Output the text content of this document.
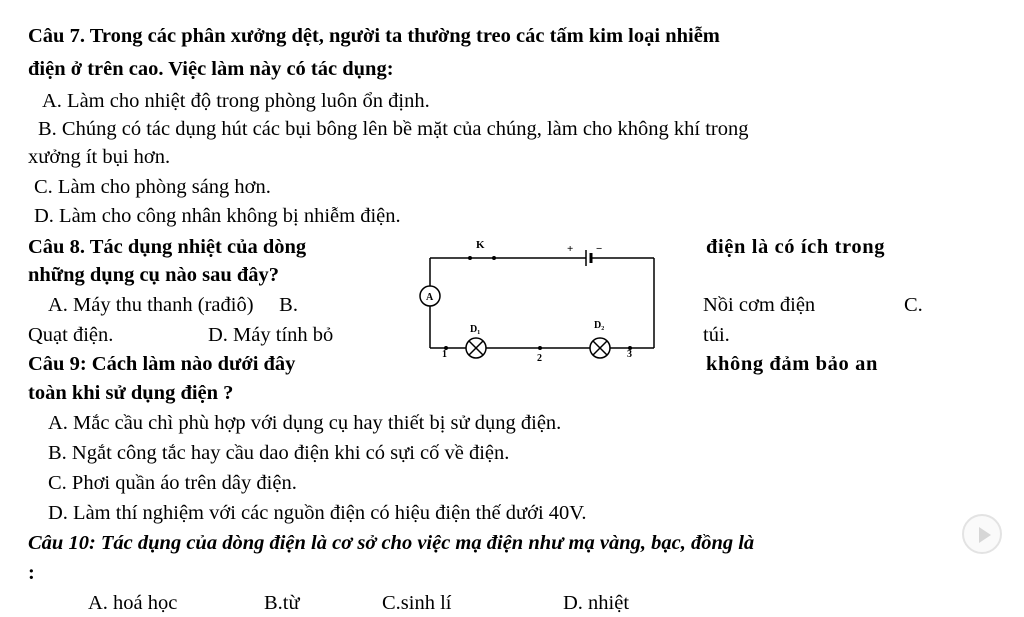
Câu 7. Trong các phân xưởng dệt, người ta thường treo các tấm kim loại nhiễm
điện ở trên cao. Việc làm này có tác dụng:
A. Làm cho nhiệt độ trong phòng luôn ổn định.
B. Chúng có tác dụng hút các bụi bông lên bề mặt của chúng, làm cho không khí trong
xưởng ít bụi hơn.
C. Làm cho phòng sáng hơn.
D. Làm cho công nhân không bị nhiễm điện.
Câu 8. Tác dụng nhiệt của dòng	điện là có ích trong
những dụng cụ nào sau đây?
A. Máy thu thanh (rađiô)     B.	Nồi cơm điện	C.
Quạt điện.	D. Máy tính bỏ	túi.
Câu 9: Cách làm nào dưới đây	không đảm bảo an
toàn khi sử dụng điện ?
A. Mắc cầu chì phù hợp với dụng cụ hay thiết bị sử dụng điện.
B. Ngắt công tắc hay cầu dao điện khi có sựi cố về điện.
C. Phơi quần áo trên dây điện.
D. Làm thí nghiệm với các nguồn điện có hiệu điện thế dưới 40V.
Câu 10: Tác dụng của dòng điện là cơ sở cho việc mạ điện như mạ vàng, bạc, đồng là
:
A. hoá học	B.từ	C.sinh lí	D. nhiệt
K	+ −
A
D₁	D₂
1	2	3
